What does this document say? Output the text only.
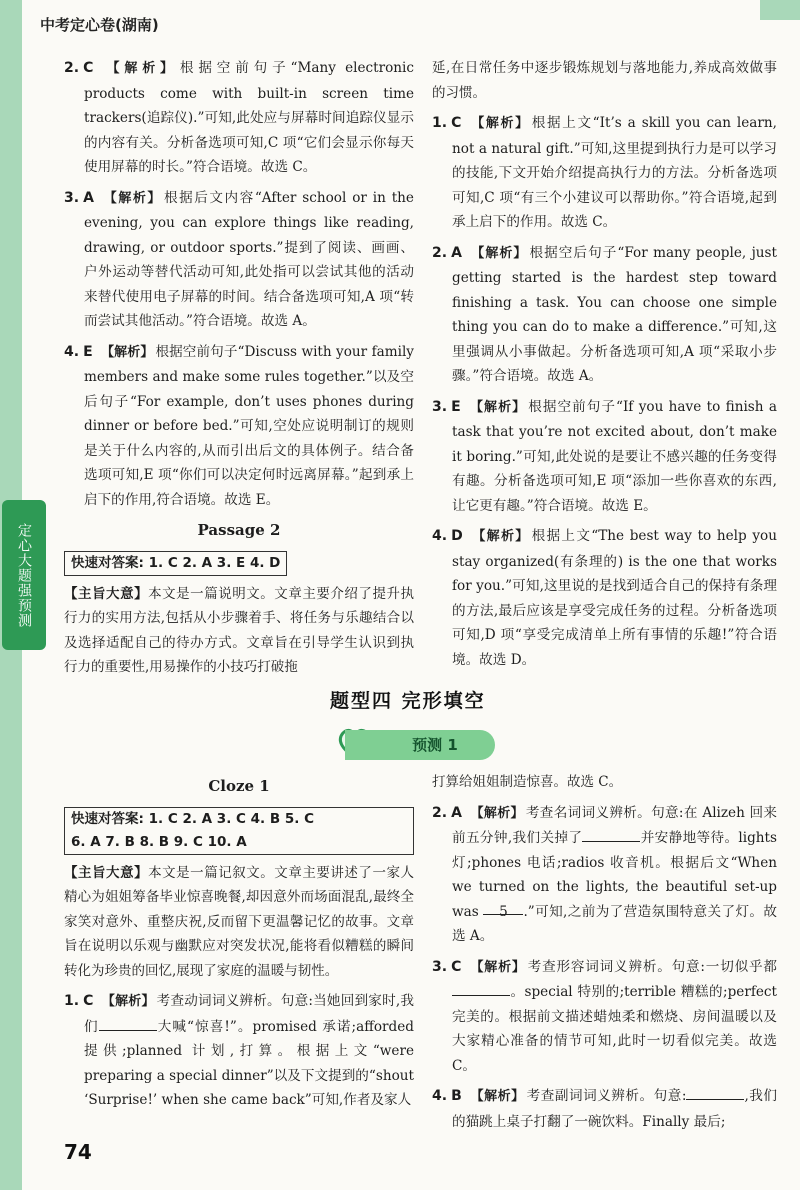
定心大题强预测
中考定心卷(湖南)
2. C 【解析】 根据空前句子“Many electronic products come with built-in screen time trackers(追踪仪).”可知,此处应与屏幕时间追踪仪显示的内容有关。分析备选项可知,C 项“它们会显示你每天使用屏幕的时长。”符合语境。故选 C。
3. A 【解析】 根据后文内容“After school or in the evening, you can explore things like reading, drawing, or outdoor sports.”提到了阅读、画画、户外运动等替代活动可知,此处指可以尝试其他的活动来替代使用电子屏幕的时间。结合备选项可知,A 项“转而尝试其他活动。”符合语境。故选 A。
4. E 【解析】 根据空前句子“Discuss with your family members and make some rules together.”以及空后句子“For example, don’t uses phones during dinner or before bed.”可知,空处应说明制订的规则是关于什么内容的,从而引出后文的具体例子。结合备选项可知,E 项“你们可以决定何时远离屏幕。”起到承上启下的作用,符合语境。故选 E。
Passage 2
快速对答案: 1. C 2. A 3. E 4. D
【主旨大意】本文是一篇说明文。文章主要介绍了提升执行力的实用方法,包括从小步骤着手、将任务与乐趣结合以及选择适配自己的待办方式。文章旨在引导学生认识到执行力的重要性,用易操作的小技巧打破拖
延,在日常任务中逐步锻炼规划与落地能力,养成高效做事的习惯。
1. C 【解析】 根据上文“It’s a skill you can learn, not a natural gift.”可知,这里提到执行力是可以学习的技能,下文开始介绍提高执行力的方法。分析备选项可知,C 项“有三个小建议可以帮助你。”符合语境,起到承上启下的作用。故选 C。
2. A 【解析】 根据空后句子“For many people, just getting started is the hardest step toward finishing a task. You can choose one simple thing you can do to make a difference.”可知,这里强调从小事做起。分析备选项可知,A 项“采取小步骤。”符合语境。故选 A。
3. E 【解析】 根据空前句子“If you have to finish a task that you’re not excited about, don’t make it boring.”可知,此处说的是要让不感兴趣的任务变得有趣。分析备选项可知,E 项“添加一些你喜欢的东西,让它更有趣。”符合语境。故选 E。
4. D 【解析】 根据上文“The best way to help you stay organized(有条理的) is the one that works for you.”可知,这里说的是找到适合自己的保持有条理的方法,最后应该是享受完成任务的过程。分析备选项可知,D 项“享受完成清单上所有事情的乐趣!”符合语境。故选 D。
题型四 完形填空
预测 1
Cloze 1
快速对答案: 1. C 2. A 3. C 4. B 5. C
6. A 7. B 8. B 9. C 10. A
【主旨大意】本文是一篇记叙文。文章主要讲述了一家人精心为姐姐筹备毕业惊喜晚餐,却因意外而场面混乱,最终全家笑对意外、重整庆祝,反而留下更温馨记忆的故事。文章旨在说明以乐观与幽默应对突发状况,能将看似糟糕的瞬间转化为珍贵的回忆,展现了家庭的温暖与韧性。
1. C 【解析】 考查动词词义辨析。句意:当她回到家时,我们	大喊“惊喜!”。promised 承诺;afforded 提供;planned 计划,打算。根据上文“were preparing a special dinner”以及下文提到的“shout ‘Surprise!’ when she came back”可知,作者及家人
打算给姐姐制造惊喜。故选 C。
2. A 【解析】 考查名词词义辨析。句意:在 Alizeh 回来前五分钟,我们关掉了	并安静地等待。lights 灯;phones 电话;radios 收音机。根据后文“When we turned on the lights, the beautiful set-up was 5 .”可知,之前为了营造氛围特意关了灯。故选 A。
3. C 【解析】 考查形容词词义辨析。句意:一切似乎都。special 特别的;terrible 糟糕的;perfect 完美的。根据前文描述蜡烛柔和燃烧、房间温暖以及大家精心准备的情节可知,此时一切看似完美。故选 C。
4. B 【解析】 考查副词词义辨析。句意:	,我们的猫跳上桌子打翻了一碗饮料。Finally 最后;
74
